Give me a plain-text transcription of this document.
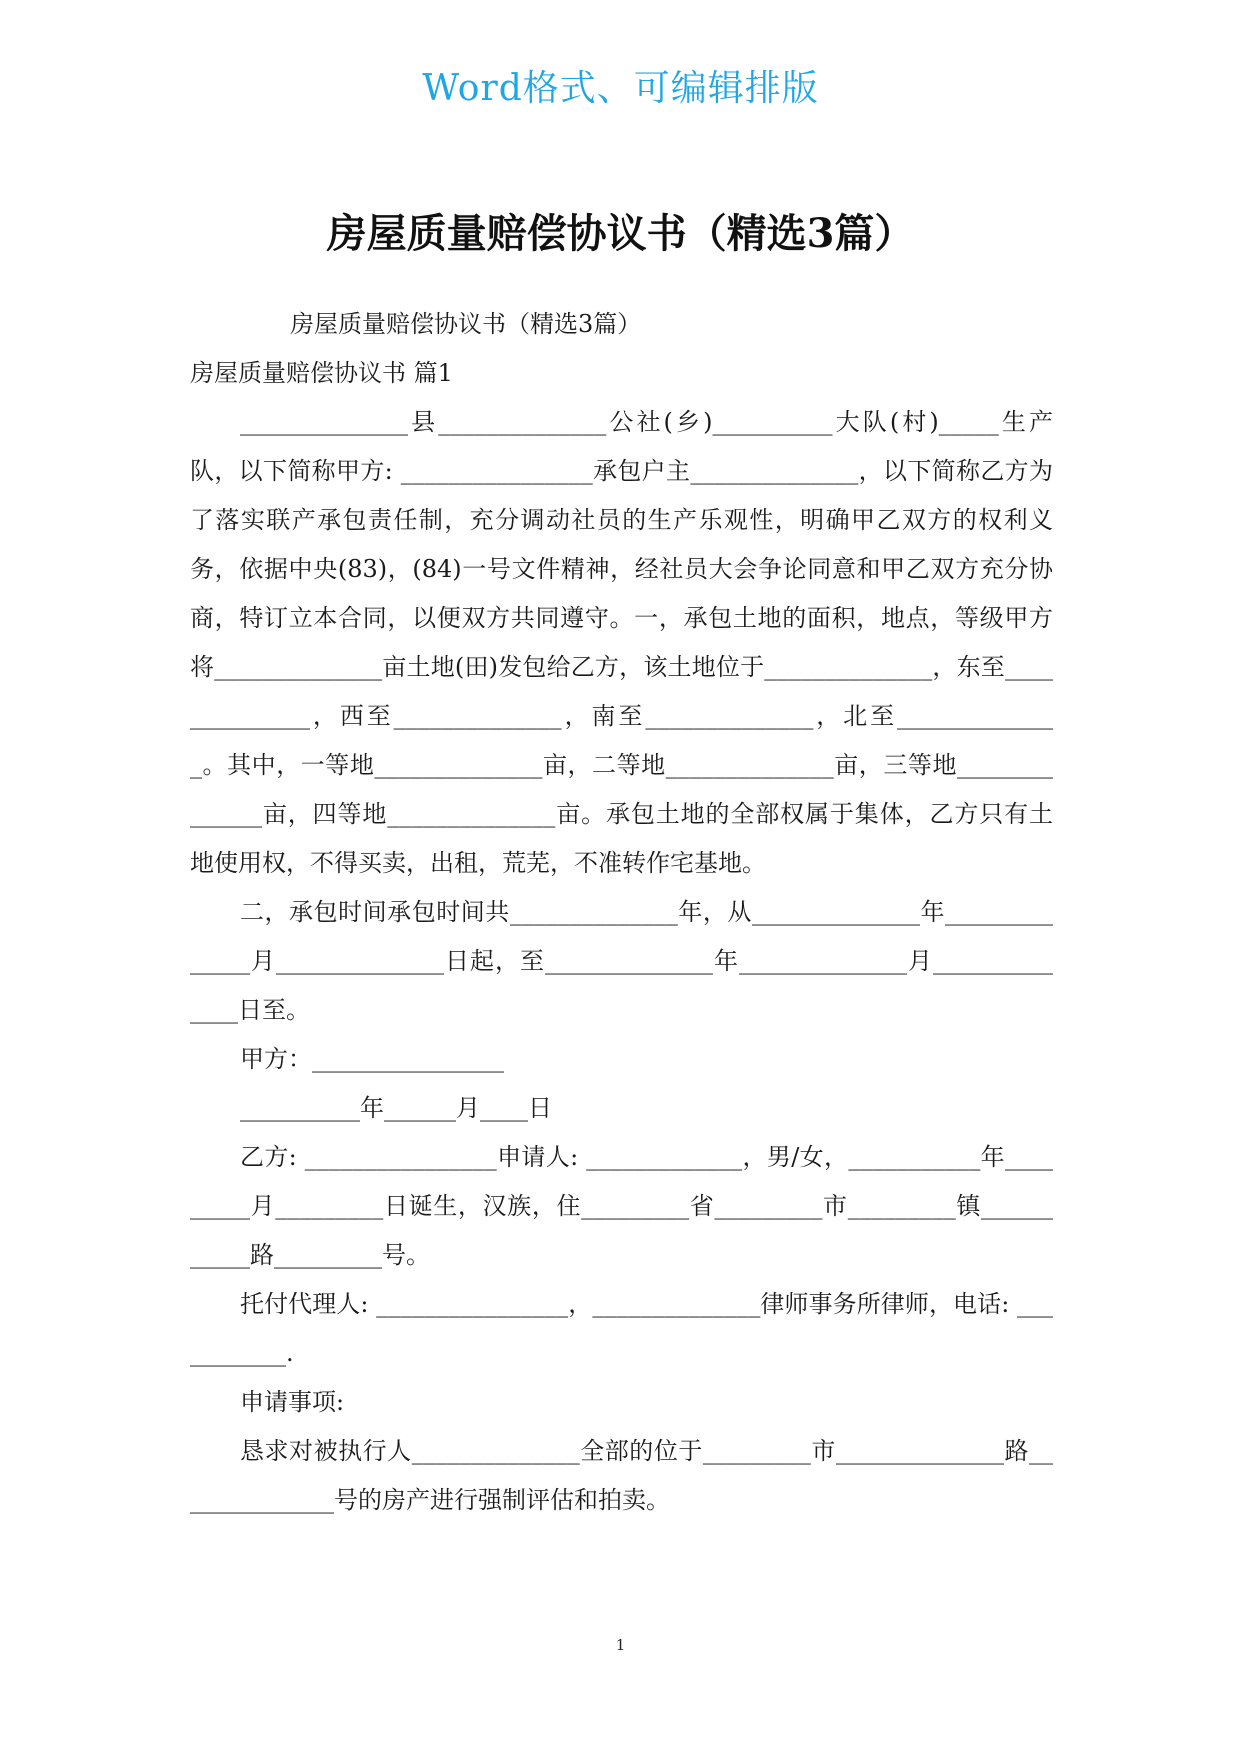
Word格式、可编辑排版
房屋质量赔偿协议书（精选3篇）

房屋质量赔偿协议书（精选3篇）

房屋质量赔偿协议书 篇1

______________县______________公社(乡)__________大队(村)_____生产队，以下简称甲方: ________________承包户主______________，以下简称乙方为了落实联产承包责任制，充分调动社员的生产乐观性，明确甲乙双方的权利义务，依据中央(83)，(84)一号文件精神，经社员大会争论同意和甲乙双方充分协商，特订立本合同，以便双方共同遵守。一，承包土地的面积，地点，等级甲方将______________亩土地(田)发包给乙方，该土地位于______________，东至______________，西至______________，南至______________，北至______________。其中，一等地______________亩，二等地______________亩，三等地______________亩，四等地______________亩。承包土地的全部权属于集体，乙方只有土地使用权，不得买卖，出租，荒芜，不准转作宅基地。

二，承包时间承包时间共______________年，从______________年______________月______________日起，至______________年______________月______________日至。

甲方：________________

__________年______月____日

乙方: ________________申请人: _____________，男/女，___________年_________月_________日诞生，汉族，住_________省_________市_________镇___________路_________号。

托付代理人: ________________，______________律师事务所律师，电话: ___________.

申请事项:

恳求对被执行人______________全部的位于_________市______________路______________号的房产进行强制评估和拍卖。

1
